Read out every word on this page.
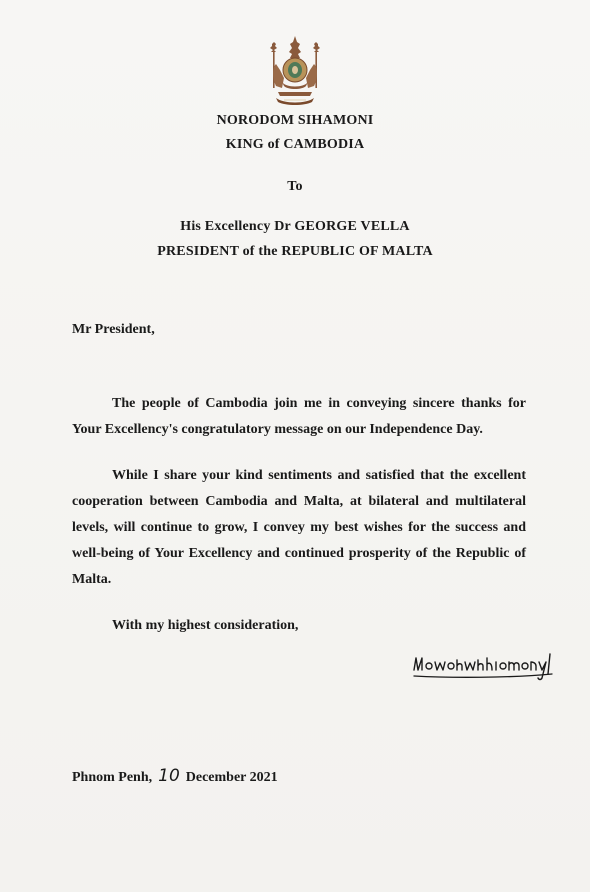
NORODOM SIHAMONI
KING of CAMBODIA
To
His Excellency Dr GEORGE VELLA
PRESIDENT of the REPUBLIC OF MALTA
Mr President,
The people of Cambodia join me in conveying sincere thanks for Your Excellency's congratulatory message on our Independence Day.
While I share your kind sentiments and satisfied that the excellent cooperation between Cambodia and Malta, at bilateral and multilateral levels, will continue to grow, I convey my best wishes for the success and well-being of Your Excellency and continued prosperity of the Republic of Malta.
With my highest consideration,
Phnom Penh, 10 December 2021
